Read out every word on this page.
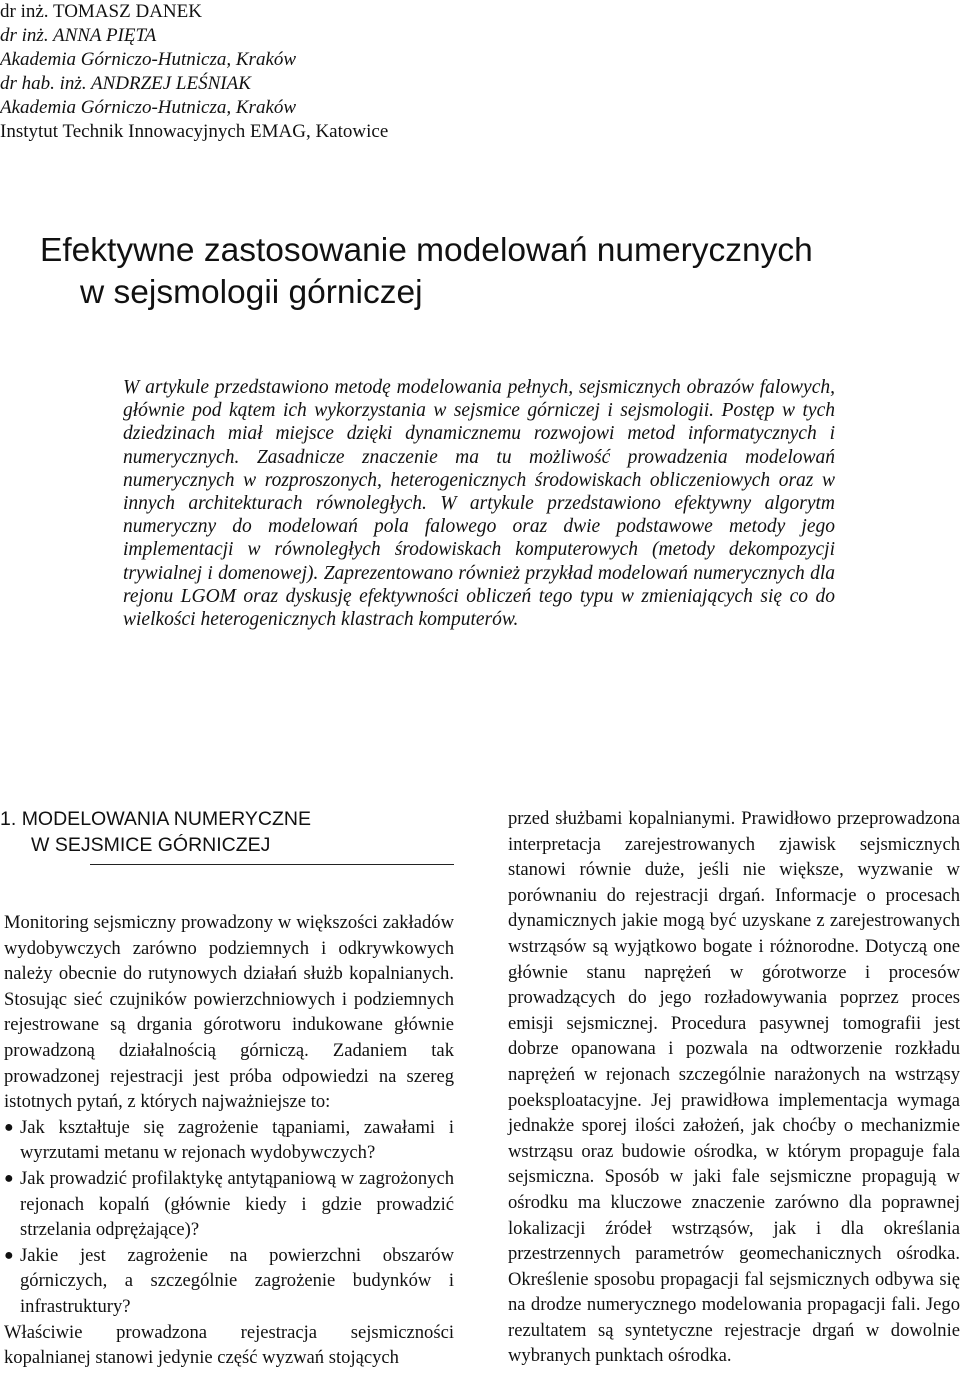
dr inż. TOMASZ DANEK
dr inż. ANNA PIĘTA
Akademia Górniczo-Hutnicza, Kraków
dr hab. inż. ANDRZEJ LEŚNIAK
Akademia Górniczo-Hutnicza, Kraków
Instytut Technik Innowacyjnych EMAG, Katowice
Efektywne zastosowanie modelowań numerycznych
w sejsmologii górniczej

W artykule przedstawiono metodę modelowania pełnych, sejsmicznych obrazów falowych, głównie pod kątem ich wykorzystania w sejsmice górniczej i sejsmologii. Postęp w tych dziedzinach miał miejsce dzięki dynamicznemu rozwojowi metod informatycznych i numerycznych. Zasadnicze znaczenie ma tu możliwość prowadzenia modelowań numerycznych w rozproszonych, heterogenicznych środowiskach obliczeniowych oraz w innych architekturach równoległych. W artykule przedstawiono efektywny algorytm numeryczny do modelowań pola falowego oraz dwie podstawowe metody jego implementacji w równoległych środowiskach komputerowych (metody dekompozycji trywialnej i domenowej). Zaprezentowano również przykład modelowań numerycznych dla rejonu LGOM oraz dyskusję efektywności obliczeń tego typu w zmieniających się co do wielkości heterogenicznych klastrach komputerów.

1. MODELOWANIA NUMERYCZNE
W SEJSMICE GÓRNICZEJ

Monitoring sejsmiczny prowadzony w większości zakładów wydobywczych zarówno podziemnych i odkrywkowych należy obecnie do rutynowych działań służb kopalnianych. Stosując sieć czujników powierzchniowych i podziemnych rejestrowane są drgania górotworu indukowane głównie prowadzoną działalnością górniczą. Zadaniem tak prowadzonej rejestracji jest próba odpowiedzi na szereg istotnych pytań, z których najważniejsze to:

● Jak kształtuje się zagrożenie tąpaniami, zawałami i wyrzutami metanu w rejonach wydobywczych?
● Jak prowadzić profilaktykę antytąpaniową w zagrożonych rejonach kopalń (głównie kiedy i gdzie prowadzić strzelania odprężające)?
● Jakie jest zagrożenie na powierzchni obszarów górniczych, a szczególnie zagrożenie budynków i infrastruktury?

Właściwie prowadzona rejestracja sejsmiczności kopalnianej stanowi jedynie część wyzwań stojących

przed służbami kopalnianymi. Prawidłowo przeprowadzona interpretacja zarejestrowanych zjawisk sejsmicznych stanowi równie duże, jeśli nie większe, wyzwanie w porównaniu do rejestracji drgań. Informacje o procesach dynamicznych jakie mogą być uzyskane z zarejestrowanych wstrząsów są wyjątkowo bogate i różnorodne. Dotyczą one głównie stanu naprężeń w górotworze i procesów prowadzących do jego rozładowywania poprzez proces emisji sejsmicznej. Procedura pasywnej tomografii jest dobrze opanowana i pozwala na odtworzenie rozkładu naprężeń w rejonach szczególnie narażonych na wstrząsy poeksploatacyjne. Jej prawidłowa implementacja wymaga jednakże sporej ilości założeń, jak choćby o mechanizmie wstrząsu oraz budowie ośrodka, w którym propaguje fala sejsmiczna. Sposób w jaki fale sejsmiczne propagują w ośrodku ma kluczowe znaczenie zarówno dla poprawnej lokalizacji źródeł wstrząsów, jak i dla określania przestrzennych parametrów geomechanicznych ośrodka. Określenie sposobu propagacji fal sejsmicznych odbywa się na drodze numerycznego modelowania propagacji fali. Jego rezultatem są syntetyczne rejestracje drgań w dowolnie wybranych punktach ośrodka.
